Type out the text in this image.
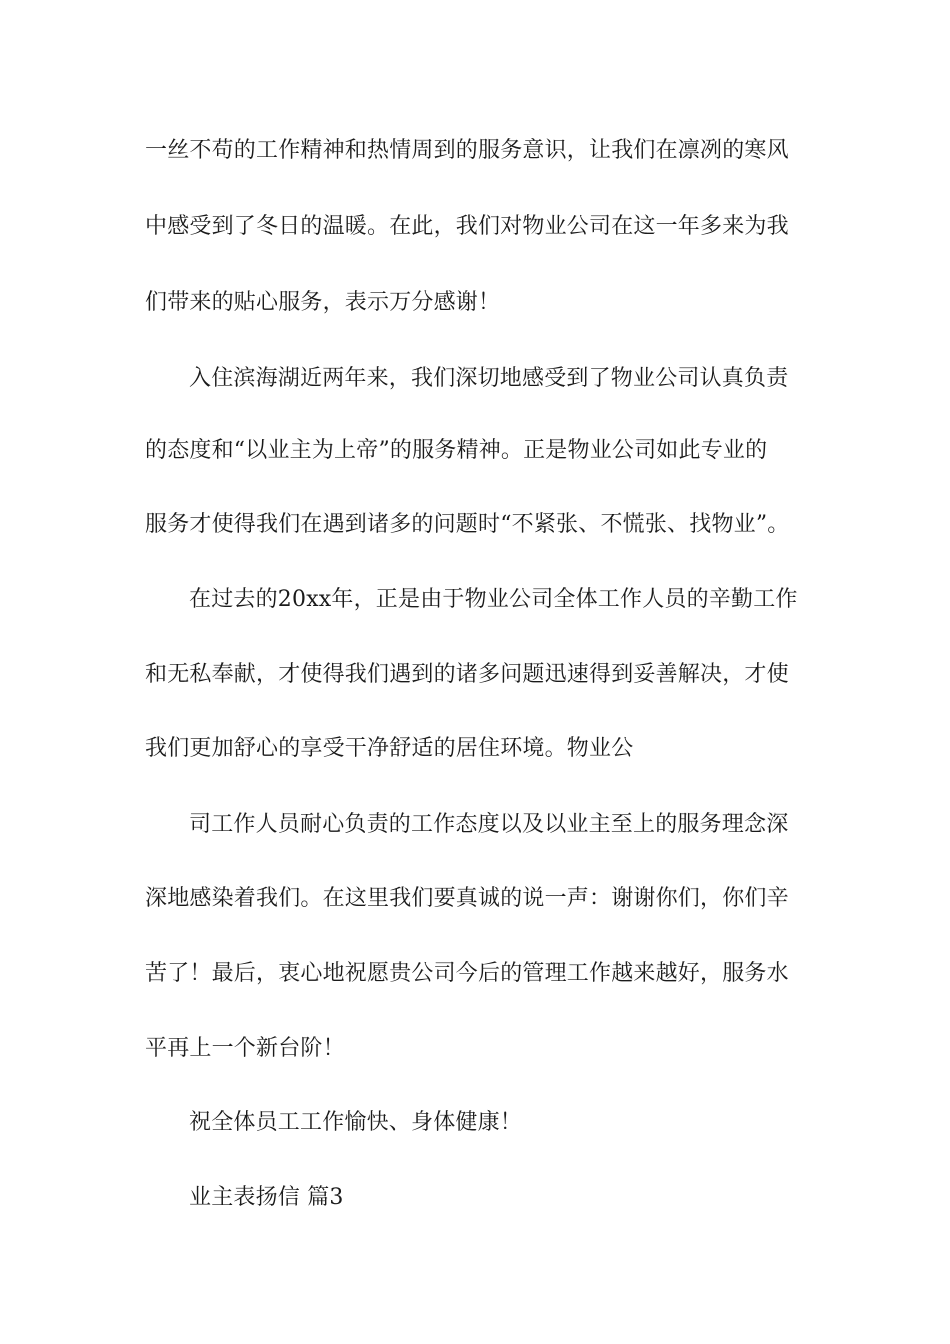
一丝不苟的工作精神和热情周到的服务意识，让我们在凛冽的寒风
中感受到了冬日的温暖。在此，我们对物业公司在这一年多来为我
们带来的贴心服务，表示万分感谢！
入住滨海湖近两年来，我们深切地感受到了物业公司认真负责
的态度和“以业主为上帝”的服务精神。正是物业公司如此专业的
服务才使得我们在遇到诸多的问题时“不紧张、不慌张、找物业”。
在过去的20xx年，正是由于物业公司全体工作人员的辛勤工作
和无私奉献，才使得我们遇到的诸多问题迅速得到妥善解决，才使
我们更加舒心的享受干净舒适的居住环境。物业公
司工作人员耐心负责的工作态度以及以业主至上的服务理念深
深地感染着我们。在这里我们要真诚的说一声：谢谢你们，你们辛
苦了！最后，衷心地祝愿贵公司今后的管理工作越来越好，服务水
平再上一个新台阶！
祝全体员工工作愉快、身体健康！
业主表扬信 篇3
